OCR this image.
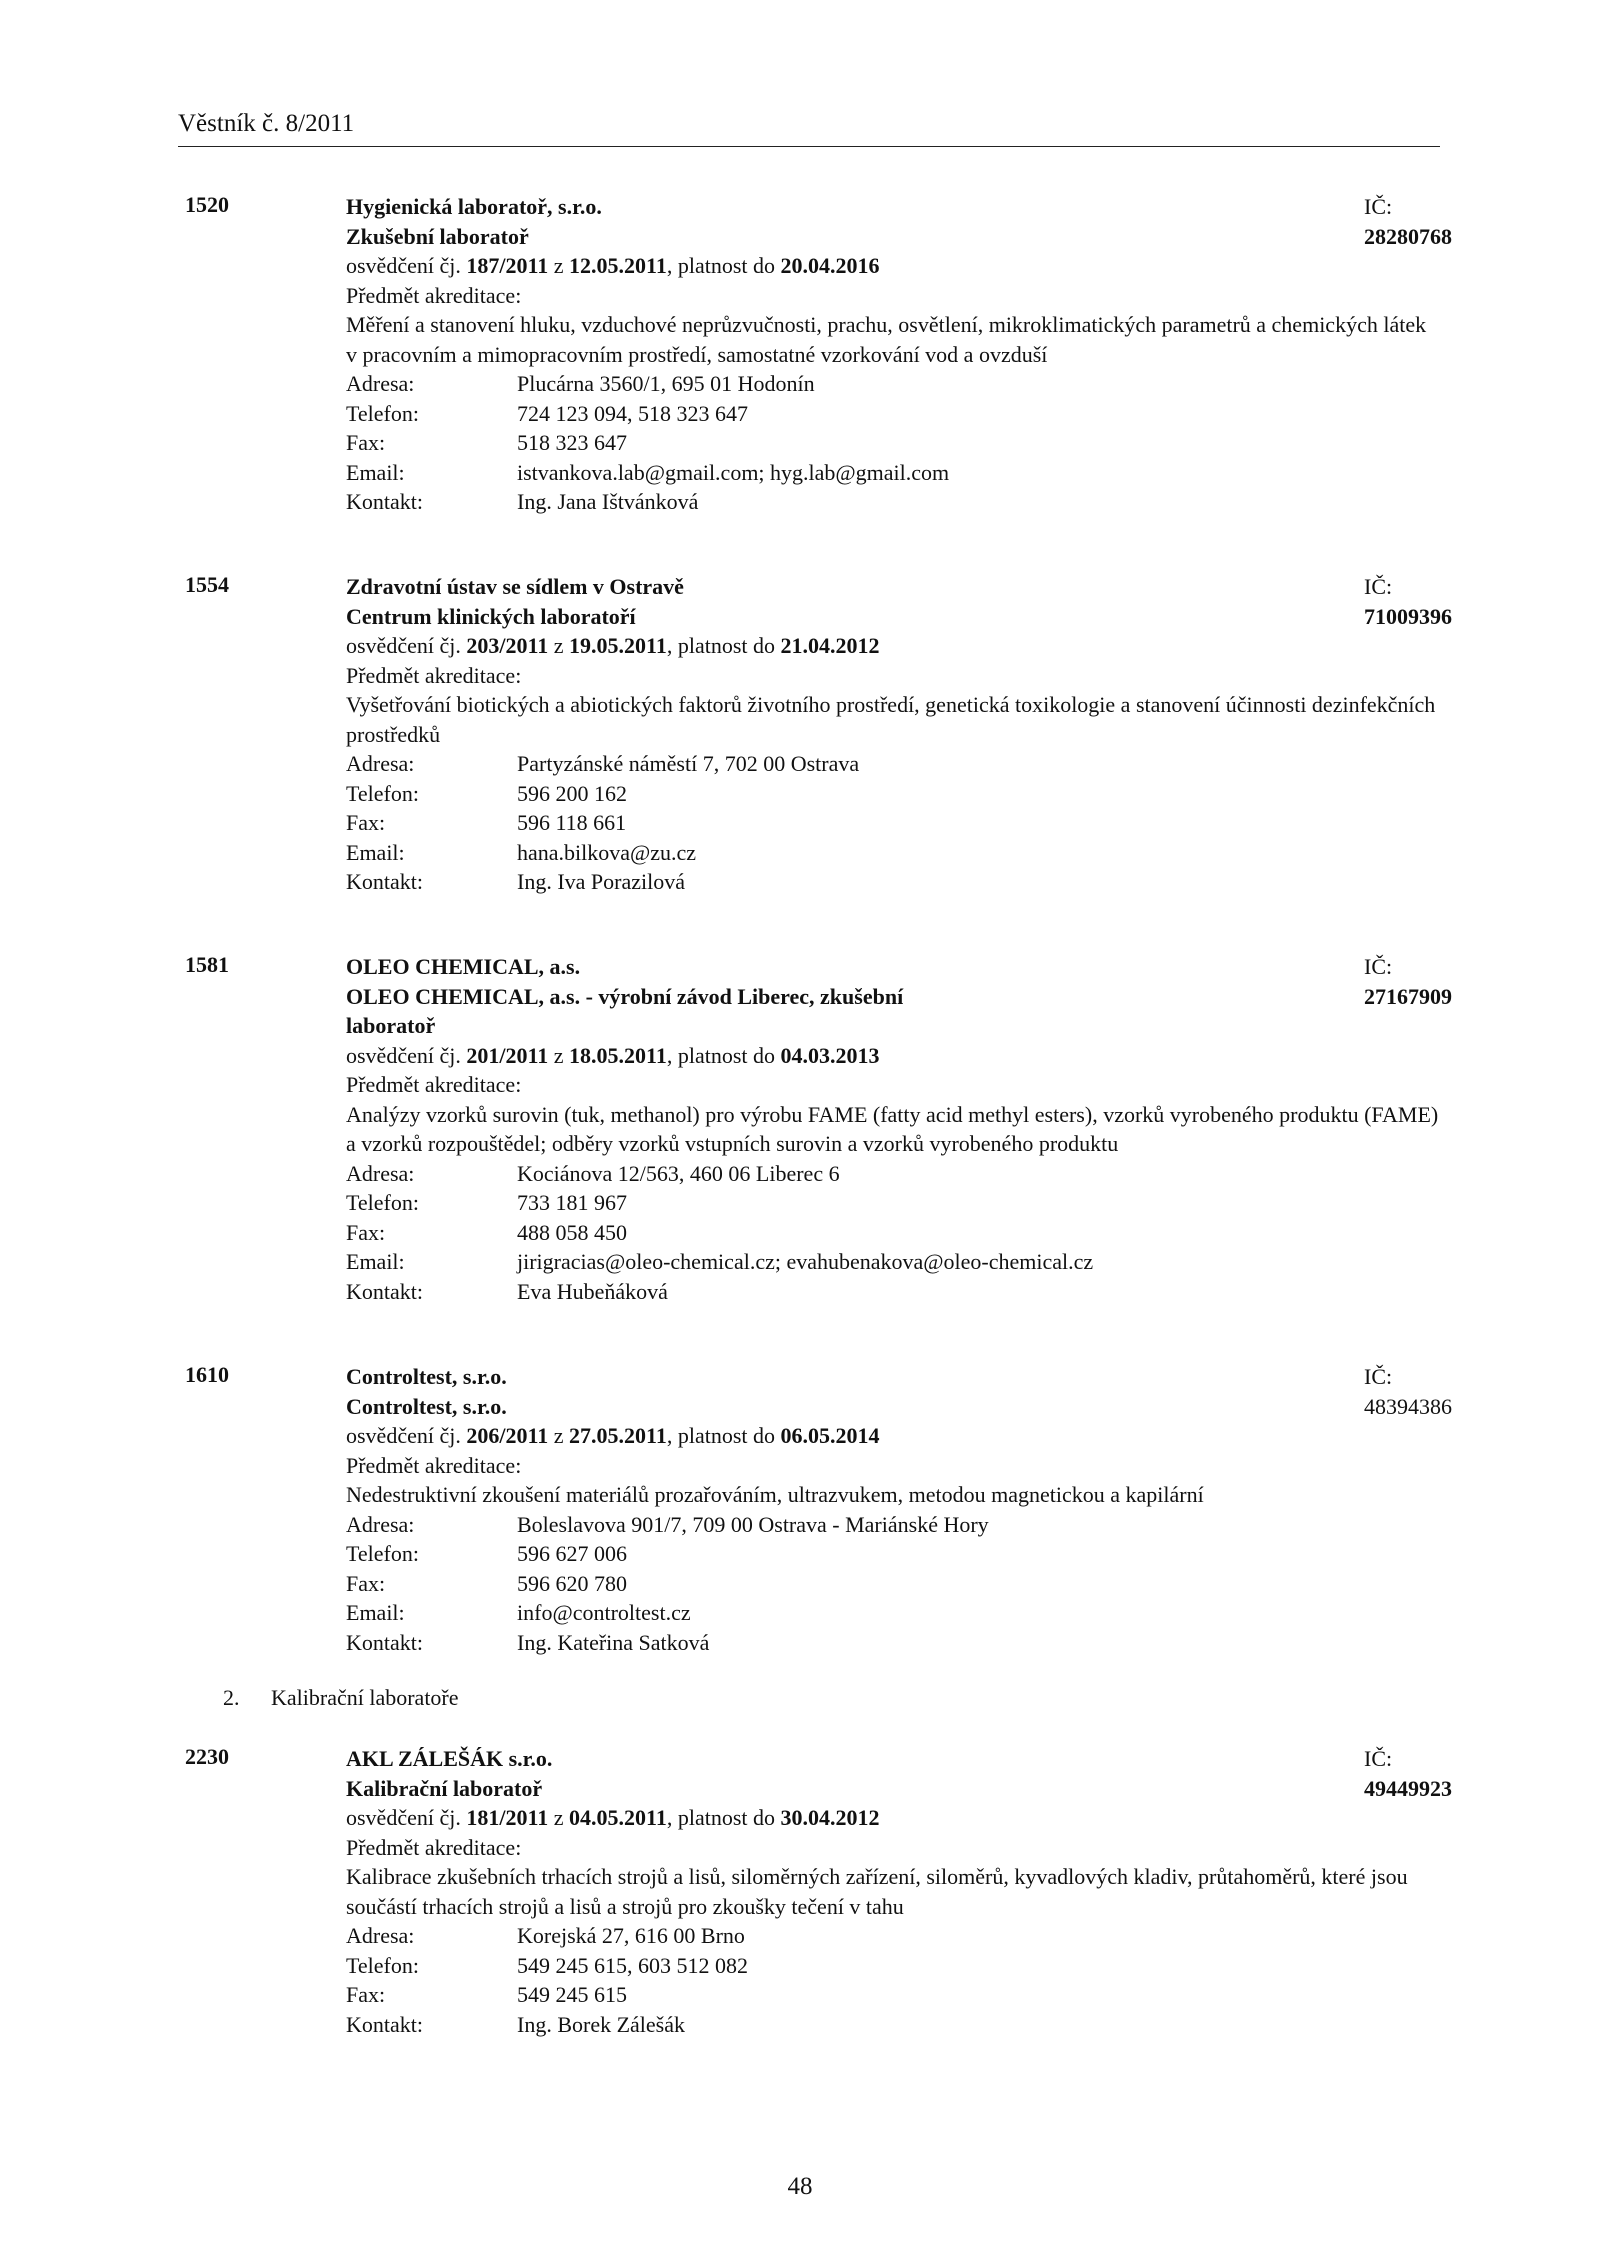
Věstník č. 8/2011
1520	IČ: 28280768
Hygienická laboratoř, s.r.o.
Zkušební laboratoř
osvědčení čj. 187/2011 z 12.05.2011, platnost do 20.04.2016
Předmět akreditace:
Měření a stanovení hluku, vzduchové neprůzvučnosti, prachu, osvětlení, mikroklimatických parametrů a chemických látek v pracovním a mimopracovním prostředí, samostatné vzorkování vod a ovzduší
Adresa:	Plucárna 3560/1, 695 01 Hodonín
Telefon:	724 123 094, 518 323 647
Fax:	518 323 647
Email:	istvankova.lab@gmail.com; hyg.lab@gmail.com
Kontakt:	Ing. Jana Ištvánková
1554	IČ: 71009396
Zdravotní ústav se sídlem v Ostravě
Centrum klinických laboratoří
osvědčení čj. 203/2011 z 19.05.2011, platnost do 21.04.2012
Předmět akreditace:
Vyšetřování biotických a abiotických faktorů životního prostředí, genetická toxikologie a stanovení účinnosti dezinfekčních prostředků
Adresa:	Partyzánské náměstí 7, 702 00 Ostrava
Telefon:	596 200 162
Fax:	596 118 661
Email:	hana.bilkova@zu.cz
Kontakt:	Ing. Iva Porazilová
1581	IČ: 27167909
OLEO CHEMICAL, a.s.
OLEO CHEMICAL, a.s. - výrobní závod Liberec, zkušební laboratoř
osvědčení čj. 201/2011 z 18.05.2011, platnost do 04.03.2013
Předmět akreditace:
Analýzy vzorků surovin (tuk, methanol) pro výrobu FAME (fatty acid methyl esters), vzorků vyrobeného produktu (FAME) a vzorků rozpouštědel; odběry vzorků vstupních surovin a vzorků vyrobeného produktu
Adresa:	Kociánova 12/563, 460 06 Liberec 6
Telefon:	733 181 967
Fax:	488 058 450
Email:	jirigracias@oleo-chemical.cz; evahubenakova@oleo-chemical.cz
Kontakt:	Eva Hubeňáková
1610	IČ: 48394386
Controltest, s.r.o.
Controltest, s.r.o.
osvědčení čj. 206/2011 z 27.05.2011, platnost do 06.05.2014
Předmět akreditace:
Nedestruktivní zkoušení materiálů prozařováním, ultrazvukem, metodou magnetickou a kapilární
Adresa:	Boleslavova 901/7, 709 00 Ostrava - Mariánské Hory
Telefon:	596 627 006
Fax:	596 620 780
Email:	info@controltest.cz
Kontakt:	Ing. Kateřina Satková
2. Kalibrační laboratoře
2230	IČ: 49449923
AKL ZÁLEŠÁK s.r.o.
Kalibrační laboratoř
osvědčení čj. 181/2011 z 04.05.2011, platnost do 30.04.2012
Předmět akreditace:
Kalibrace zkušebních trhacích strojů a lisů, siloměrných zařízení, siloměrů, kyvadlových kladiv, průtahoměrů, které jsou součástí trhacích strojů a lisů a strojů pro zkoušky tečení v tahu
Adresa:	Korejská 27, 616 00 Brno
Telefon:	549 245 615, 603 512 082
Fax:	549 245 615
Kontakt:	Ing. Borek Zálešák
48
